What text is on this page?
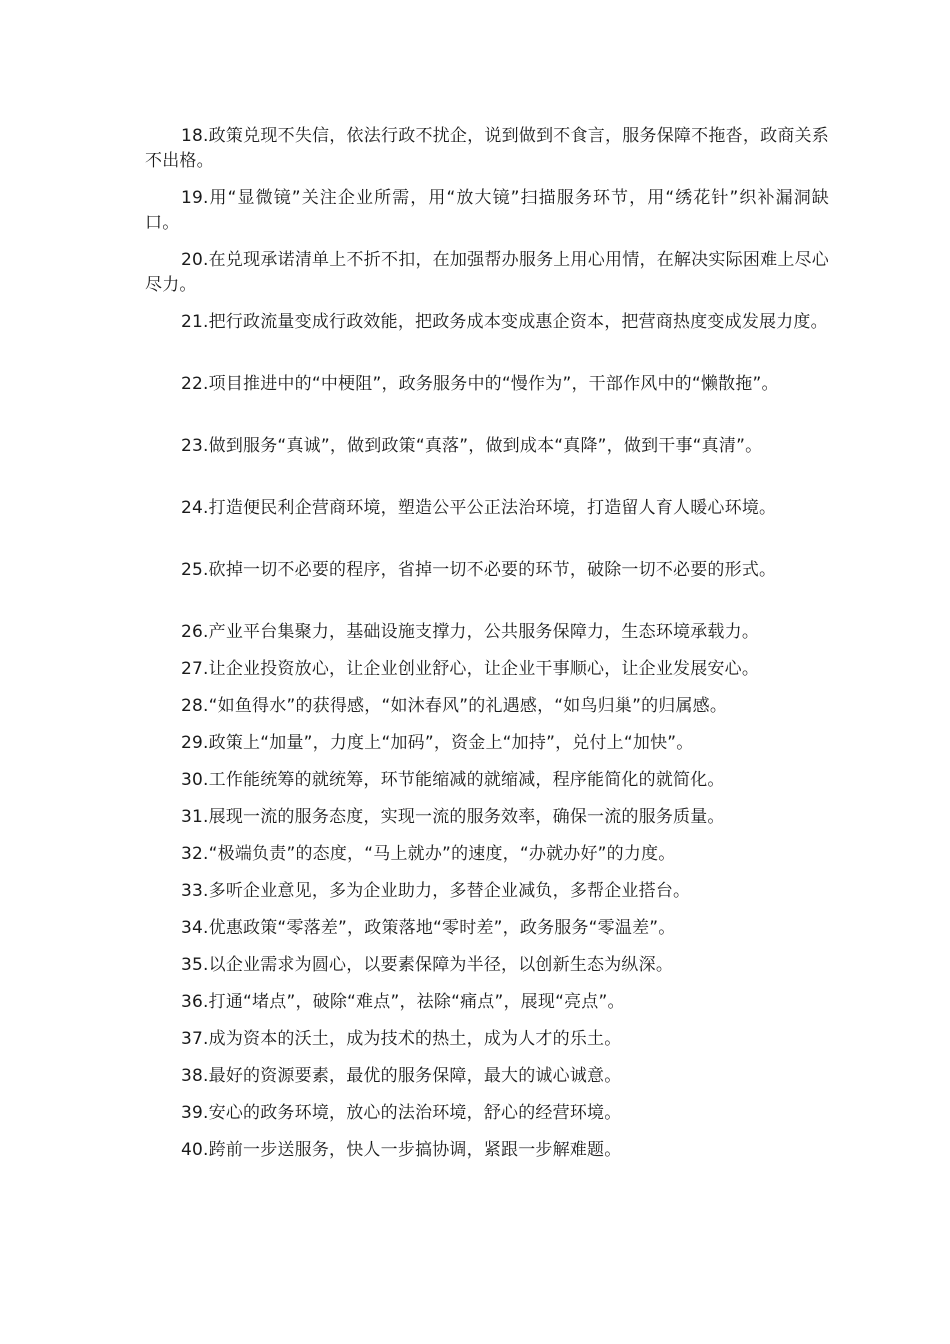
18.政策兑现不失信，依法行政不扰企，说到做到不食言，服务保障不拖沓，政商关系不出格。

19.用“显微镜”关注企业所需，用“放大镜”扫描服务环节，用“绣花针”织补漏洞缺口。

20.在兑现承诺清单上不折不扣，在加强帮办服务上用心用情，在解决实际困难上尽心尽力。

21.把行政流量变成行政效能，把政务成本变成惠企资本，把营商热度变成发展力度。

22.项目推进中的“中梗阻”，政务服务中的“慢作为”，干部作风中的“懒散拖”。

23.做到服务“真诚”，做到政策“真落”，做到成本“真降”，做到干事“真清”。

24.打造便民利企营商环境，塑造公平公正法治环境，打造留人育人暖心环境。

25.砍掉一切不必要的程序，省掉一切不必要的环节，破除一切不必要的形式。

26.产业平台集聚力，基础设施支撑力，公共服务保障力，生态环境承载力。

27.让企业投资放心，让企业创业舒心，让企业干事顺心，让企业发展安心。

28.“如鱼得水”的获得感，“如沐春风”的礼遇感，“如鸟归巢”的归属感。

29.政策上“加量”，力度上“加码”，资金上“加持”，兑付上“加快”。

30.工作能统筹的就统筹，环节能缩减的就缩减，程序能简化的就简化。

31.展现一流的服务态度，实现一流的服务效率，确保一流的服务质量。

32.“极端负责”的态度，“马上就办”的速度，“办就办好”的力度。

33.多听企业意见，多为企业助力，多替企业减负，多帮企业搭台。

34.优惠政策“零落差”，政策落地“零时差”，政务服务“零温差”。

35.以企业需求为圆心，以要素保障为半径，以创新生态为纵深。

36.打通“堵点”，破除“难点”，祛除“痛点”，展现“亮点”。

37.成为资本的沃土，成为技术的热土，成为人才的乐土。

38.最好的资源要素，最优的服务保障，最大的诚心诚意。

39.安心的政务环境，放心的法治环境，舒心的经营环境。

40.跨前一步送服务，快人一步搞协调，紧跟一步解难题。
